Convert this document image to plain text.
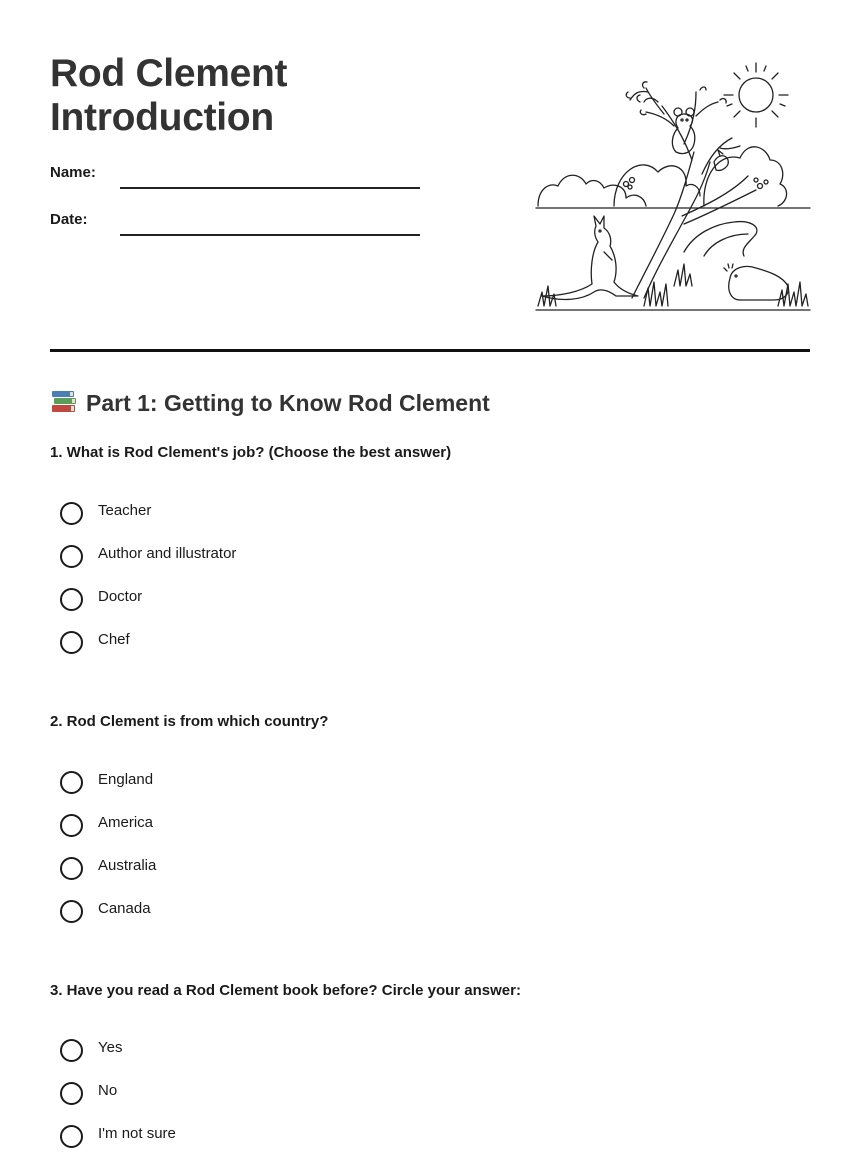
Rod Clement
Introduction
Name:
Date:
Part 1: Getting to Know Rod Clement

1. What is Rod Clement's job? (Choose the best answer)

Teacher
Author and illustrator
Doctor
Chef

2. Rod Clement is from which country?

England
America
Australia
Canada

3. Have you read a Rod Clement book before? Circle your answer:

Yes
No
I'm not sure
